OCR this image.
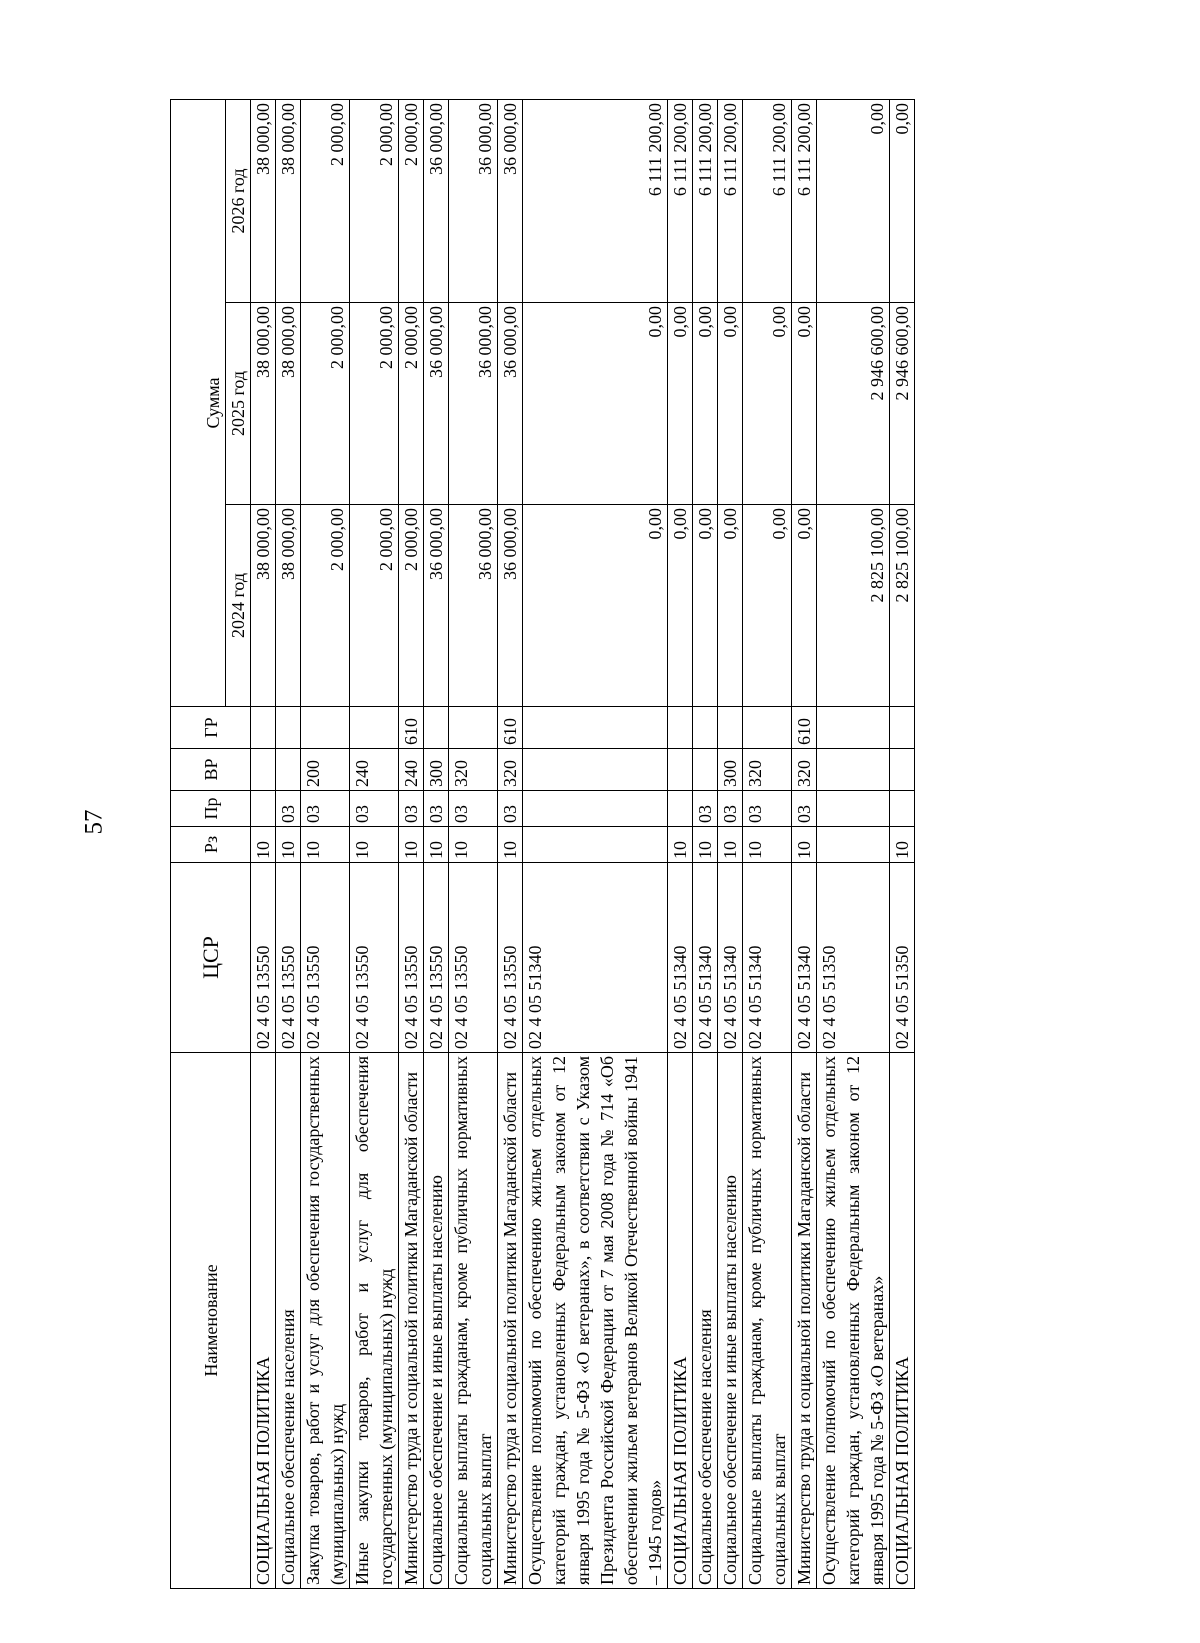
57
Наименование	ЦСР	Рз	Пр	ВР	ГР	Сумма		
						2024 год	2025 год	2026 год
СОЦИАЛЬНАЯ ПОЛИТИКА	02 4 05 13550	10				38 000,00	38 000,00	38 000,00
Социальное обеспечение населения	02 4 05 13550	10	03			38 000,00	38 000,00	38 000,00
Закупка товаров, работ и услуг для обеспечения государственных (муниципальных) нужд	02 4 05 13550	10	03	200		2 000,00	2 000,00	2 000,00
Иные закупки товаров, работ и услуг для обеспечения государственных (муниципальных) нужд	02 4 05 13550	10	03	240		2 000,00	2 000,00	2 000,00
Министерство труда и социальной политики Магаданской области	02 4 05 13550	10	03	240	610	2 000,00	2 000,00	2 000,00
Социальное обеспечение и иные выплаты населению	02 4 05 13550	10	03	300		36 000,00	36 000,00	36 000,00
Социальные выплаты гражданам, кроме публичных нормативных социальных выплат	02 4 05 13550	10	03	320		36 000,00	36 000,00	36 000,00
Министерство труда и социальной политики Магаданской области	02 4 05 13550	10	03	320	610	36 000,00	36 000,00	36 000,00
Осуществление полномочий по обеспечению жильем отдельных категорий граждан, установленных Федеральным законом от 12 января 1995 года № 5-ФЗ «О ветеранах», в соответствии с Указом Президента Российской Федерации от 7 мая 2008 года № 714 «Об обеспечении жильем ветеранов Великой Отечественной войны 1941 – 1945 годов»	02 4 05 51340					0,00	0,00	6 111 200,00
СОЦИАЛЬНАЯ ПОЛИТИКА	02 4 05 51340	10				0,00	0,00	6 111 200,00
Социальное обеспечение населения	02 4 05 51340	10	03			0,00	0,00	6 111 200,00
Социальное обеспечение и иные выплаты населению	02 4 05 51340	10	03	300		0,00	0,00	6 111 200,00
Социальные выплаты гражданам, кроме публичных нормативных социальных выплат	02 4 05 51340	10	03	320		0,00	0,00	6 111 200,00
Министерство труда и социальной политики Магаданской области	02 4 05 51340	10	03	320	610	0,00	0,00	6 111 200,00
Осуществление полномочий по обеспечению жильем отдельных категорий граждан, установленных Федеральным законом от 12 января 1995 года № 5-ФЗ «О ветеранах»	02 4 05 51350					2 825 100,00	2 946 600,00	0,00
СОЦИАЛЬНАЯ ПОЛИТИКА	02 4 05 51350	10				2 825 100,00	2 946 600,00	0,00
